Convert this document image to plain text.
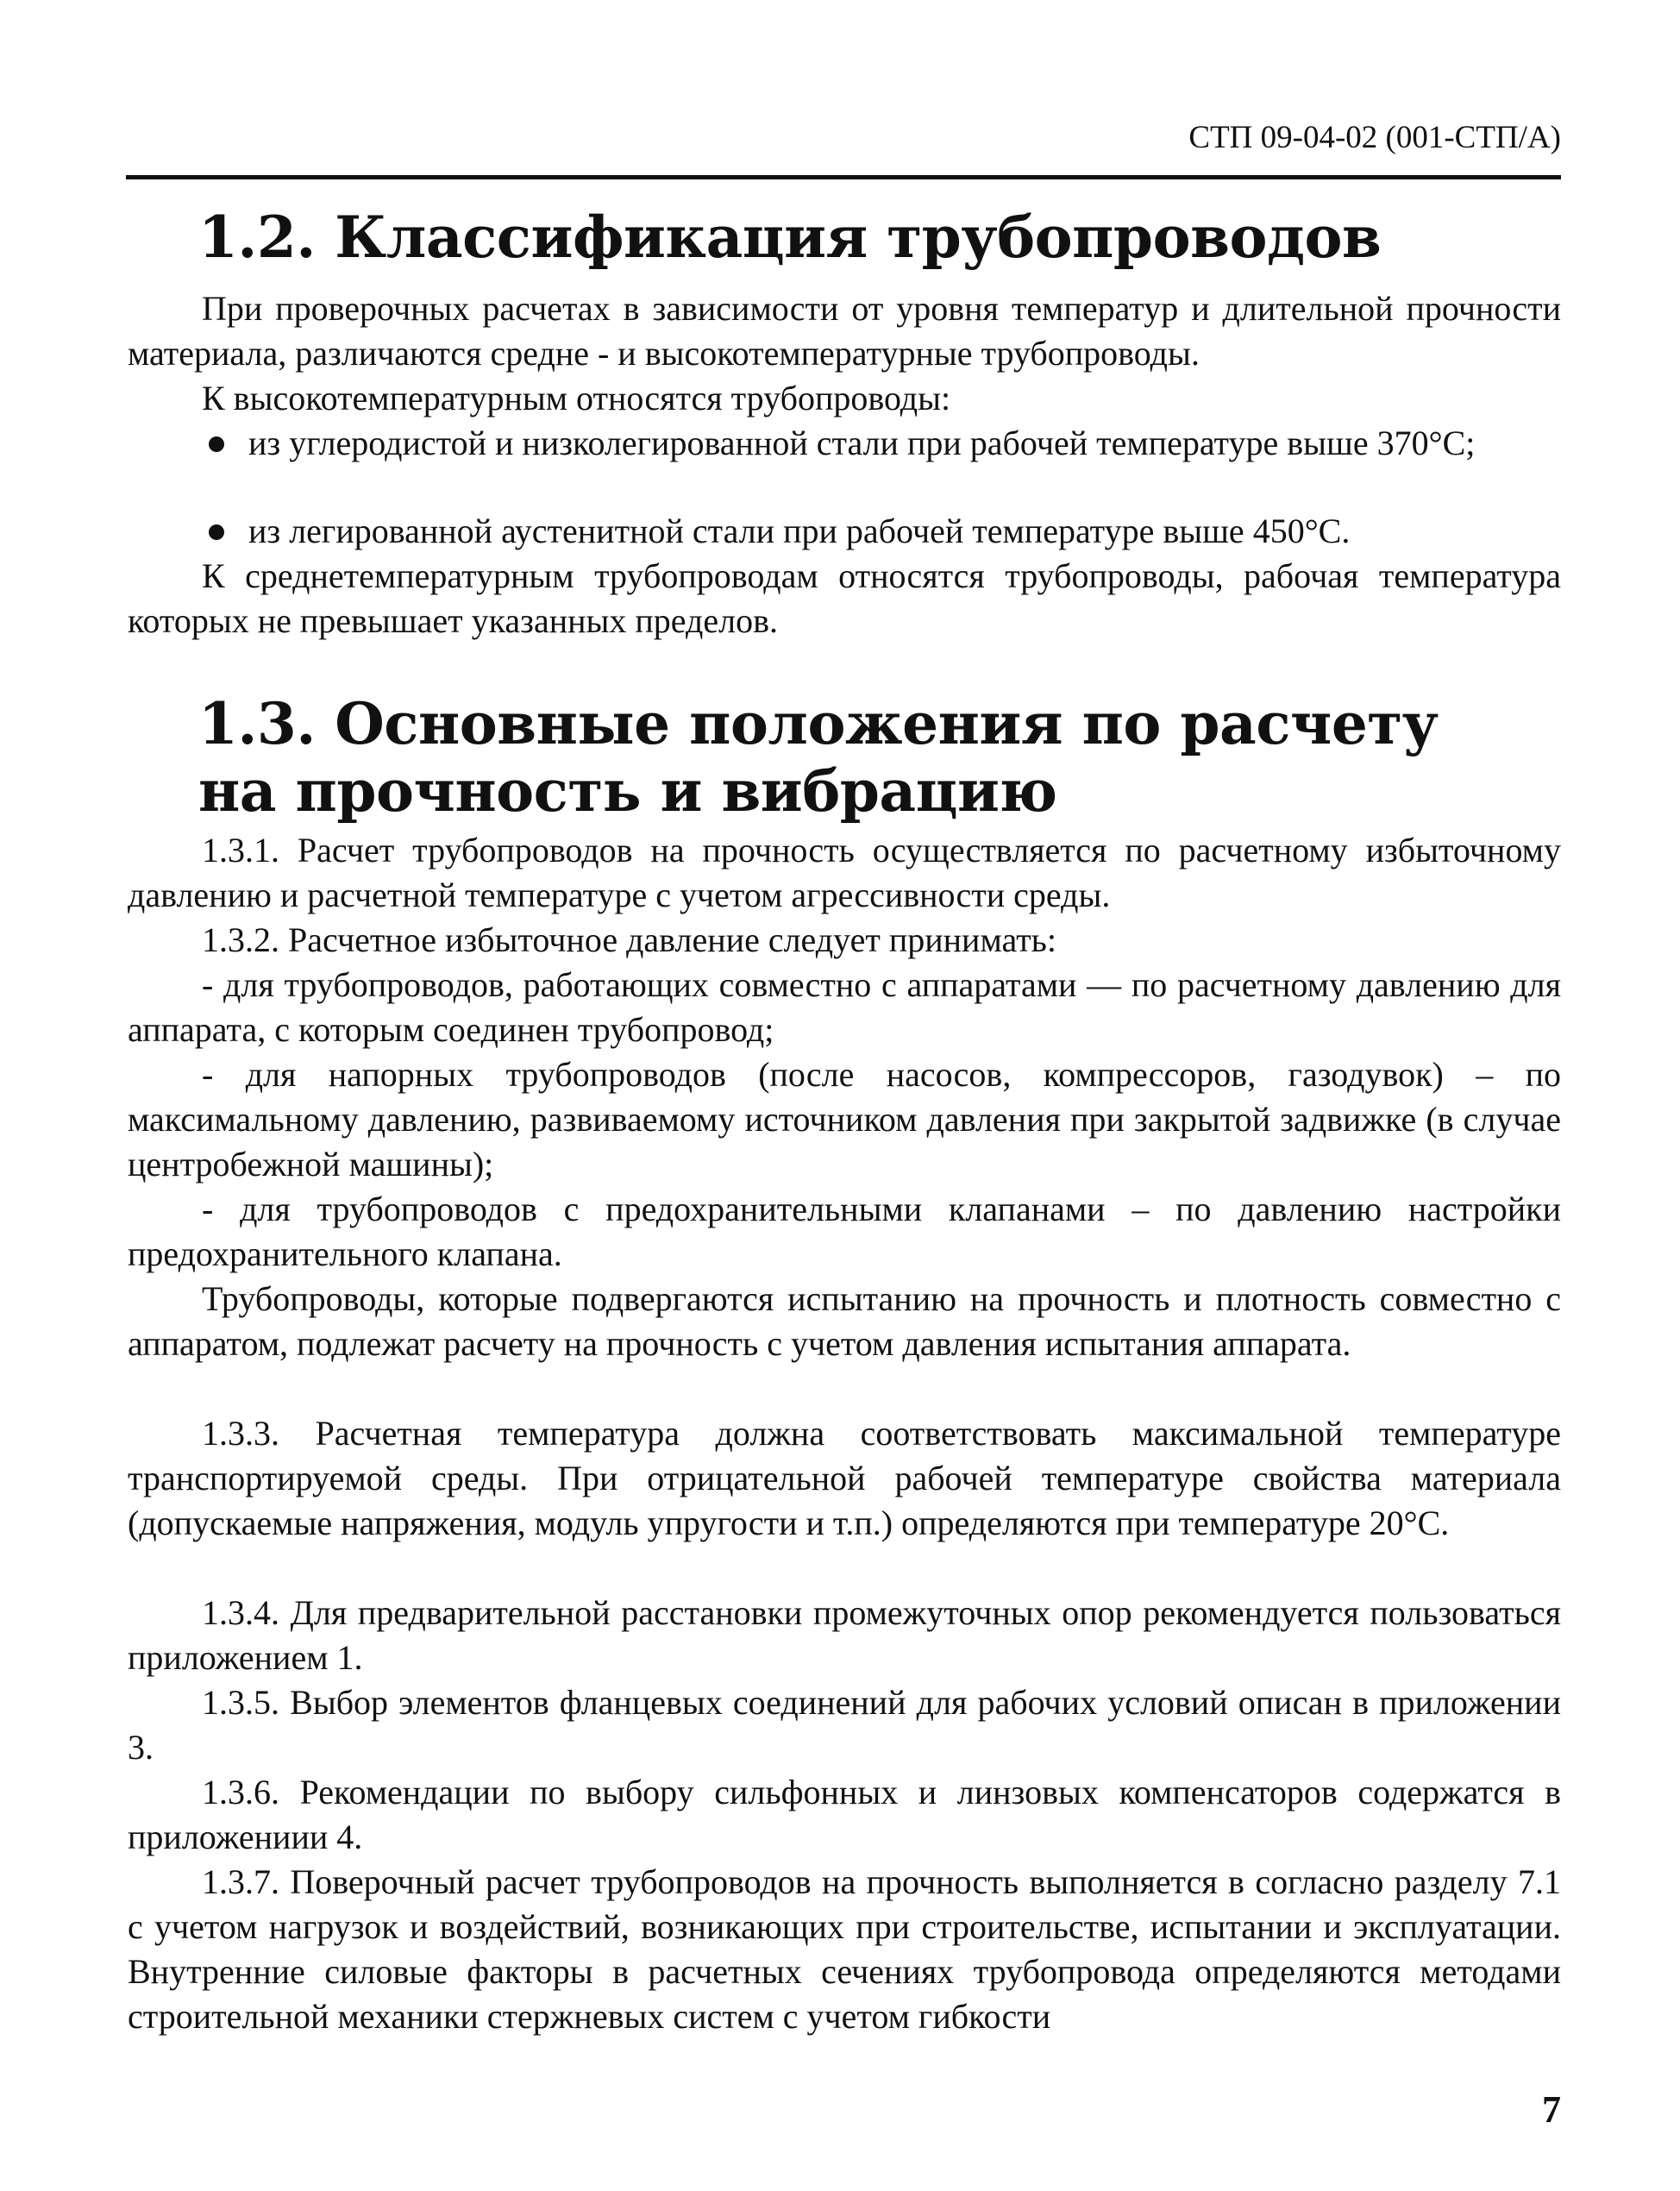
СТП 09-04-02 (001-СТП/А)
1.2. Классификация трубопроводов
При проверочных расчетах в зависимости от уровня температур и длительной прочности материала, различаются средне - и высокотемпературные трубопроводы.
К высокотемпературным относятся трубопроводы:
из углеродистой и низколегированной стали при рабочей температуре выше 370°С;
из легированной аустенитной стали при рабочей температуре выше 450°С.
К среднетемпературным трубопроводам относятся трубопроводы, рабочая температура которых не превышает указанных пределов.
1.3. Основные положения по расчету
на прочность и вибрацию
1.3.1. Расчет трубопроводов на прочность осуществляется по расчетному избыточному давлению и расчетной температуре с учетом агрессивности среды.
1.3.2. Расчетное избыточное давление следует принимать:
- для трубопроводов, работающих совместно с аппаратами — по расчетному давлению для аппарата, с которым соединен трубопровод;
- для напорных трубопроводов (после насосов, компрессоров, газодувок) – по максимальному давлению, развиваемому источником давления при закрытой задвижке (в случае центробежной машины);
- для трубопроводов с предохранительными клапанами – по давлению настройки предохранительного клапана.
Трубопроводы, которые подвергаются испытанию на прочность и плотность совместно с аппаратом, подлежат расчету на прочность с учетом давления испытания аппарата.
1.3.3. Расчетная температура должна соответствовать максимальной температуре транспортируемой среды. При отрицательной рабочей температуре свойства материала (допускаемые напряжения, модуль упругости и т.п.) определяются при температуре 20°С.
1.3.4. Для предварительной расстановки промежуточных опор рекомендуется пользоваться приложением 1.
1.3.5. Выбор элементов фланцевых соединений для рабочих условий описан в приложении 3.
1.3.6. Рекомендации по выбору сильфонных и линзовых компенсаторов содержатся в приложениии 4.
1.3.7. Поверочный расчет трубопроводов на прочность выполняется в согласно разделу 7.1 с учетом нагрузок и воздействий, возникающих при строительстве, испытании и эксплуатации. Внутренние силовые факторы в расчетных сечениях трубопровода определяются методами строительной механики стержневых систем с учетом гибкости
7
